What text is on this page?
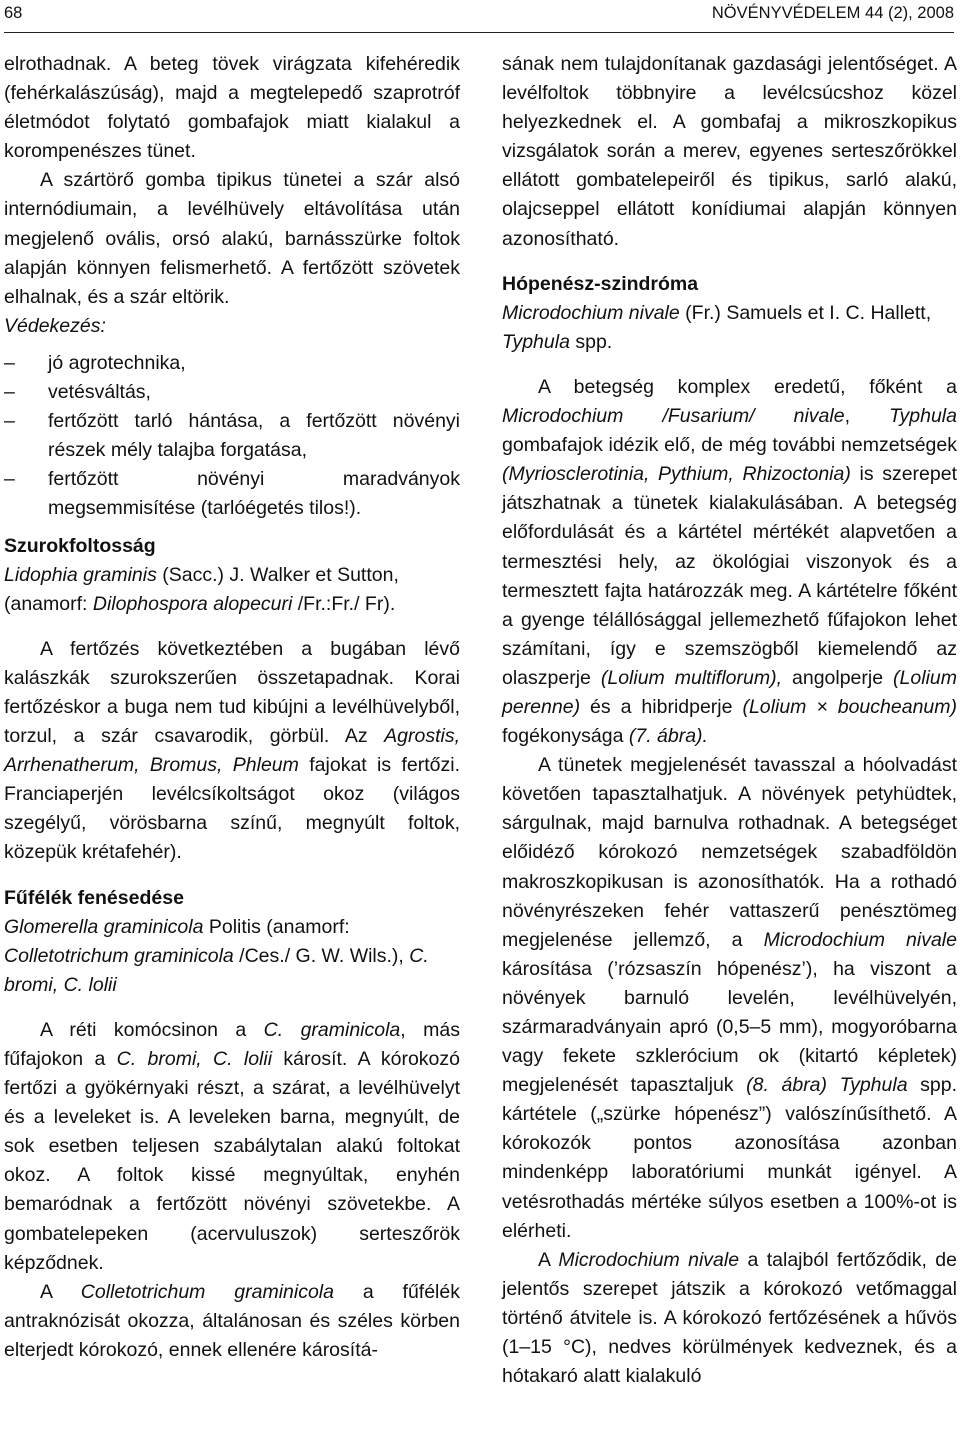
68	NÖVÉNYVÉDELEM 44 (2), 2008

elrothadnak. A beteg tövek virágzata kifehéredik (fehérkalászúság), majd a megtelepedő szaprotróf életmódot folytató gombafajok miatt kialakul a korompenészes tünet.

A szártörő gomba tipikus tünetei a szár alsó internódiumain, a levélhüvely eltávolítása után megjelenő ovális, orsó alakú, barnásszürke foltok alapján könnyen felismerhető. A fertőzött szövetek elhalnak, és a szár eltörik.

Védekezés:

–	jó agrotechnika,
–	vetésváltás,
–	fertőzött tarló hántása, a fertőzött növényi részek mély talajba forgatása,
–	fertőzött növényi maradványok megsemmisítése (tarlóégetés tilos!).

Szurokfoltosság

Lidophia graminis (Sacc.) J. Walker et Sutton, (anamorf: Dilophospora alopecuri /Fr.:Fr./ Fr).

A fertőzés következtében a bugában lévő kalászkák szurokszerűen összetapadnak. Korai fertőzéskor a buga nem tud kibújni a levélhüvelyből, torzul, a szár csavarodik, görbül. Az Agrostis, Arrhenatherum, Bromus, Phleum fajokat is fertőzi. Franciaperjén levélcsíkoltságot okoz (világos szegélyű, vörösbarna színű, megnyúlt foltok, közepük krétafehér).

Fűfélék fenésedése

Glomerella graminicola Politis (anamorf: Colletotrichum graminicola /Ces./ G. W. Wils.), C. bromi, C. lolii

A réti komócsinon a C. graminicola, más fűfajokon a C. bromi, C. lolii károsít. A kórokozó fertőzi a gyökérnyaki részt, a szárat, a levélhüvelyt és a leveleket is. A leveleken barna, megnyúlt, de sok esetben teljesen szabálytalan alakú foltokat okoz. A foltok kissé megnyúltak, enyhén bemaródnak a fertőzött növényi szövetekbe. A gombatelepeken (acervuluszok) serteszőrök képződnek.

A Colletotrichum graminicola a fűfélék antraknózisát okozza, általánosan és széles körben elterjedt kórokozó, ennek ellenére károsítá-

sának nem tulajdonítanak gazdasági jelentőséget. A levélfoltok többnyire a levélcsúcshoz közel helyezkednek el. A gombafaj a mikroszkopikus vizsgálatok során a merev, egyenes serteszőrökkel ellátott gombatelepeiről és tipikus, sarló alakú, olajcseppel ellátott konídiumai alapján könnyen azonosítható.

Hópenész-szindróma

Microdochium nivale (Fr.) Samuels et I. C. Hallett, Typhula spp.

A betegség komplex eredetű, főként a Microdochium /Fusarium/ nivale, Typhula gombafajok idézik elő, de még további nemzetségek (Myriosclerotinia, Pythium, Rhizoctonia) is szerepet játszhatnak a tünetek kialakulásában. A betegség előfordulását és a kártétel mértékét alapvetően a termesztési hely, az ökológiai viszonyok és a termesztett fajta határozzák meg. A kártételre főként a gyenge télállósággal jellemezhető fűfajokon lehet számítani, így e szemszögből kiemelendő az olaszperje (Lolium multiflorum), angolperje (Lolium perenne) és a hibridperje (Lolium × boucheanum) fogékonysága (7. ábra).

A tünetek megjelenését tavasszal a hóolvadást követően tapasztalhatjuk. A növények petyhüdtek, sárgulnak, majd barnulva rothadnak. A betegséget előidéző kórokozó nemzetségek szabadföldön makroszkopikusan is azonosíthatók. Ha a rothadó növényrészeken fehér vattaszerű penésztömeg megjelenése jellemző, a Microdochium nivale károsítása (’rózsaszín hópenész’), ha viszont a növények barnuló levelén, levélhüvelyén, szármaradványain apró (0,5–5 mm), mogyoróbarna vagy fekete szklerócium ok (kitartó képletek) megjelenését tapasztaljuk (8. ábra) Typhula spp. kártétele („szürke hópenész”) valószínűsíthető. A kórokozók pontos azonosítása azonban mindenképp laboratóriumi munkát igényel. A vetésrothadás mértéke súlyos esetben a 100%-ot is elérheti.

A Microdochium nivale a talajból fertőződik, de jelentős szerepet játszik a kórokozó vetőmaggal történő átvitele is. A kórokozó fertőzésének a hűvös (1–15 °C), nedves körülmények kedveznek, és a hótakaró alatt kialakuló
